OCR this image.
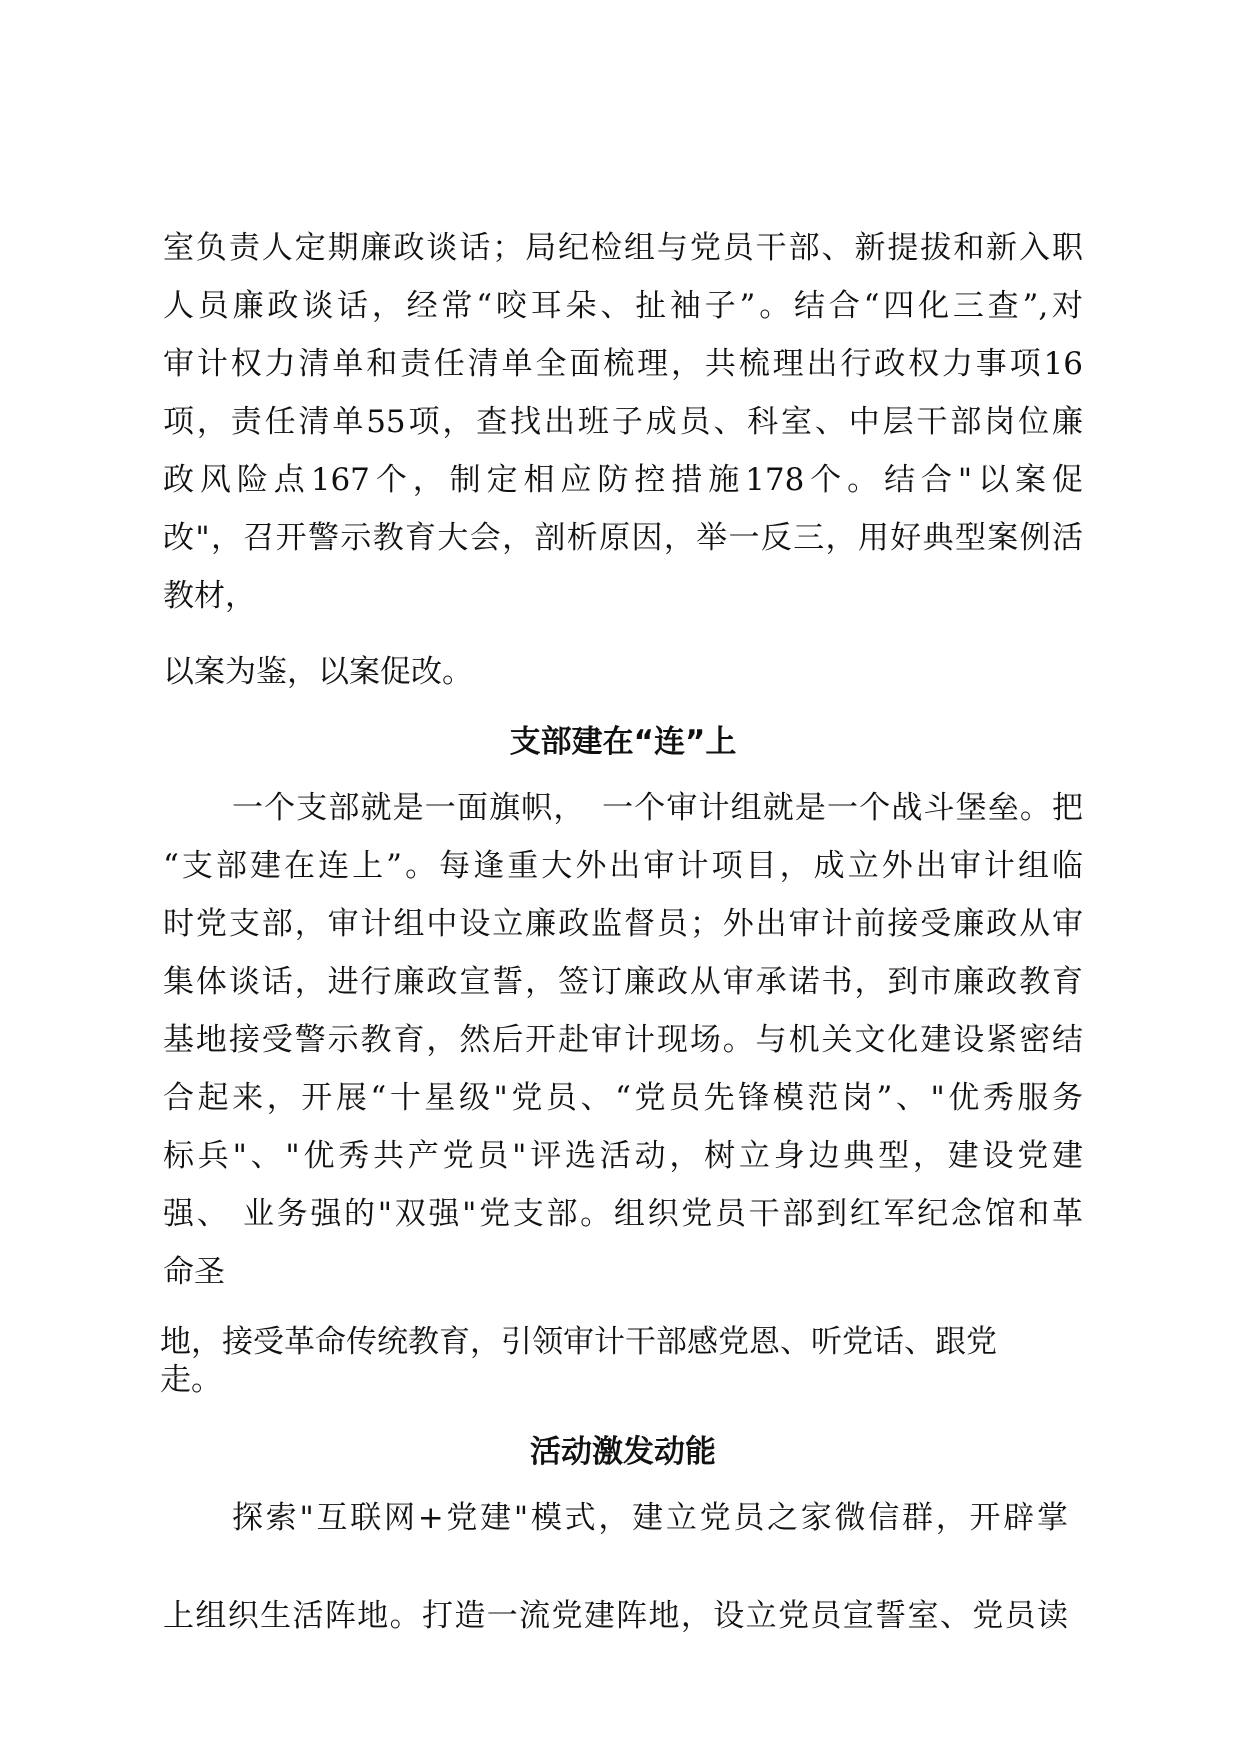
室负责人定期廉政谈话；局纪检组与党员干部、新提拔和新入职
人员廉政谈话，经常“咬耳朵、扯袖子”。结合“四化三查”,对
审计权力清单和责任清单全面梳理，共梳理出行政权力事项16
项，责任清单55项，查找出班子成员、科室、中层干部岗位廉
政风险点167个，制定相应防控措施178个。结合"以案促
改"，召开警示教育大会，剖析原因，举一反三，用好典型案例活
教材，
以案为鉴，以案促改。
支部建在“连”上
一个支部就是一面旗帜，　一个审计组就是一个战斗堡垒。把
“支部建在连上”。每逢重大外出审计项目，成立外出审计组临
时党支部，审计组中设立廉政监督员；外出审计前接受廉政从审
集体谈话，进行廉政宣誓，签订廉政从审承诺书，到市廉政教育
基地接受警示教育，然后开赴审计现场。与机关文化建设紧密结
合起来，开展“十星级"党员、“党员先锋模范岗”、"优秀服务
标兵"、"优秀共产党员"评选活动，树立身边典型，建设党建
强、 业务强的"双强"党支部。组织党员干部到红军纪念馆和革
命圣
地，接受革命传统教育，引领审计干部感党恩、听党话、跟党
走。
活动激发动能
探索"互联网+党建"模式，建立党员之家微信群，开辟掌
上组织生活阵地。打造一流党建阵地，设立党员宣誓室、党员读
